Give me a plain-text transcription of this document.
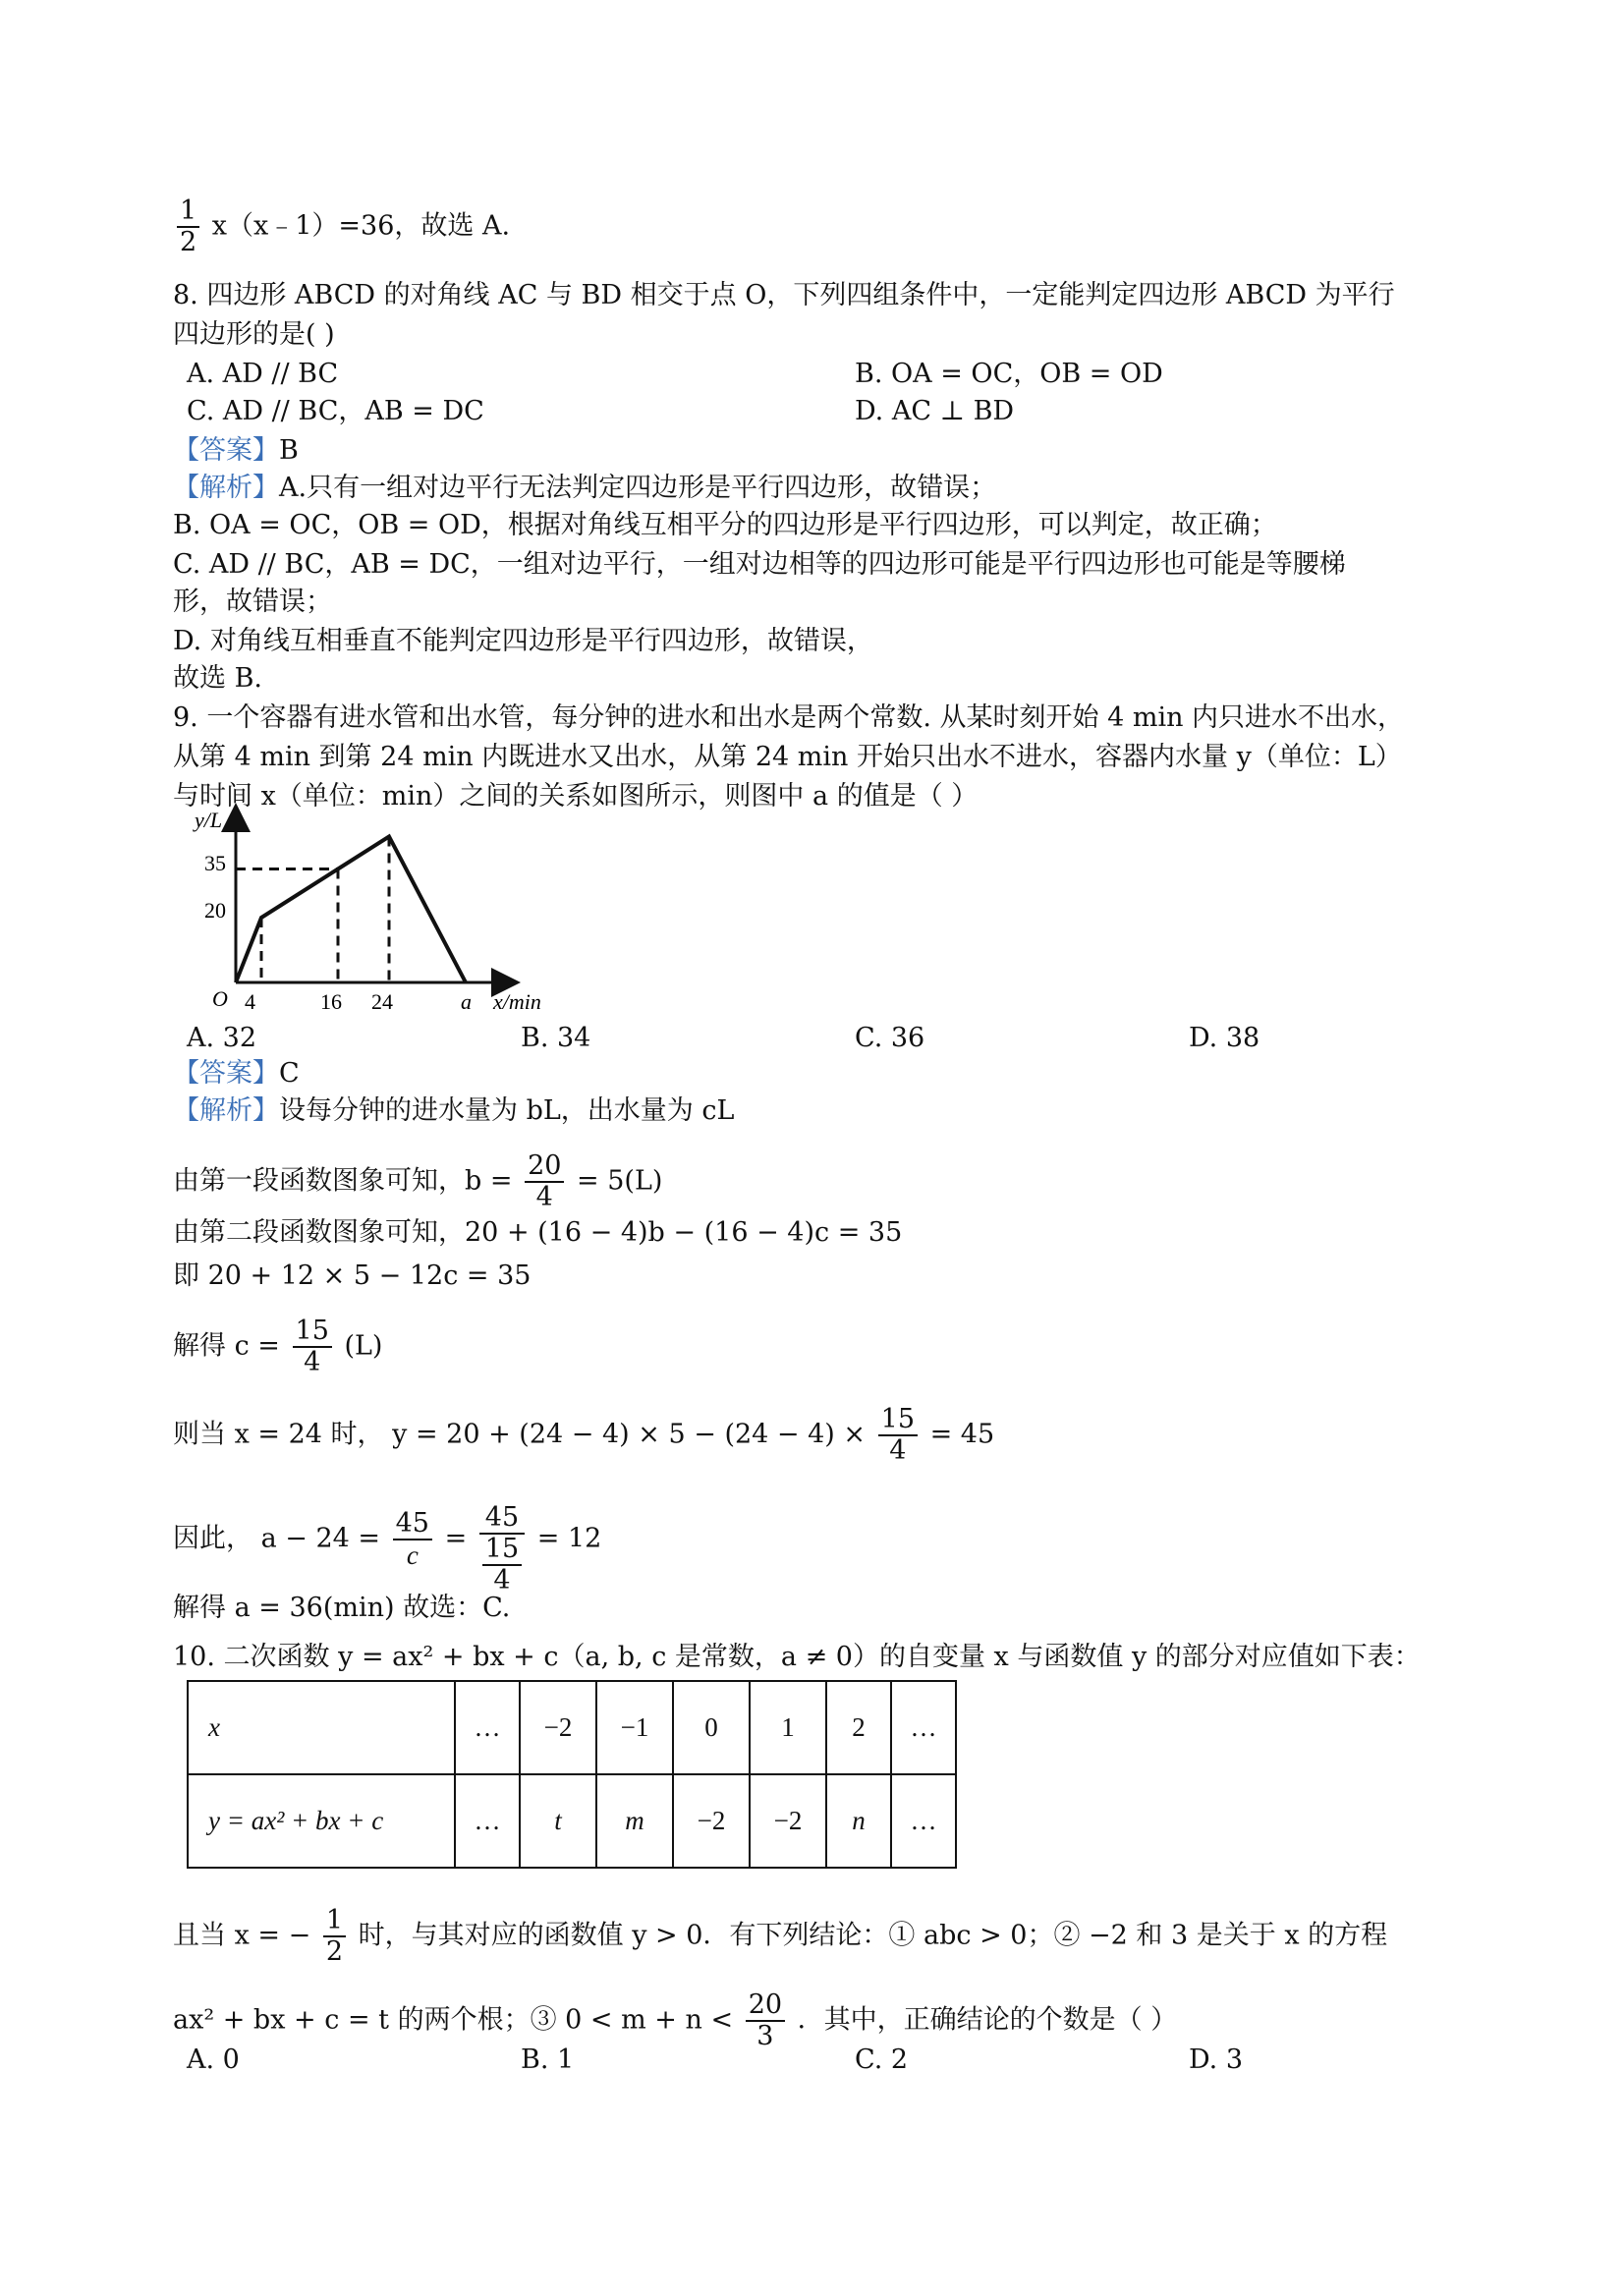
$\frac{1}{2}$ x（x﹣1）=36，故选 A.
8. 四边形 ABCD 的对角线 AC 与 BD 相交于点 O，下列四组条件中，一定能判定四边形 ABCD 为平行
四边形的是( )
A. AD // BC	B. OA = OC，OB = OD
C. AD // BC，AB = DC	D. AC ⊥ BD
【答案】B
【解析】A.只有一组对边平行无法判定四边形是平行四边形，故错误；
B. OA = OC，OB = OD，根据对角线互相平分的四边形是平行四边形，可以判定，故正确；
C. AD // BC，AB = DC，一组对边平行，一组对边相等的四边形可能是平行四边形也可能是等腰梯
形，故错误；
D. 对角线互相垂直不能判定四边形是平行四边形，故错误，
故选 B.
9. 一个容器有进水管和出水管，每分钟的进水和出水是两个常数. 从某时刻开始 4 min 内只进水不出水，
从第 4 min 到第 24 min 内既进水又出水，从第 24 min 开始只出水不进水，容器内水量 y（单位：L）
与时间 x（单位：min）之间的关系如图所示，则图中 a 的值是（ ）
y/L
x/min
O
35
20
4	16 24	a
A. 32	B. 34	C. 36	D. 38
【答案】C
【解析】设每分钟的进水量为 bL，出水量为 cL
由第一段函数图象可知，$b = \frac{20}{4} = 5(L)$
由第二段函数图象可知，20 + (16 − 4)b − (16 − 4)c = 35
即 20 + 12 × 5 − 12c = 35
解得 $c = \frac{15}{4} (L)$
则当 x = 24 时， $y = 20 + (24 - 4) \times 5 - (24 - 4) \times \frac{15}{4} = 45$
因此， $a - 24 = \frac{45}{c} = \frac{45}{\frac{15}{4}} = 12$
解得 a = 36(min) 故选：C.
10. 二次函数 y = ax² + bx + c（a, b, c 是常数，a ≠ 0）的自变量 x 与函数值 y 的部分对应值如下表：
x	…	−2	−1	0	1	2	…
y = ax² + bx + c	…	t	m	−2	−2	n	…
且当 x = − $\frac{1}{2}$ 时，与其对应的函数值 y > 0．有下列结论：① abc > 0；② −2 和 3 是关于 x 的方程
ax² + bx + c = t 的两个根；③ $0 < m + n < \frac{20}{3}$ ．其中，正确结论的个数是（ ）
A. 0	B. 1	C. 2	D. 3
